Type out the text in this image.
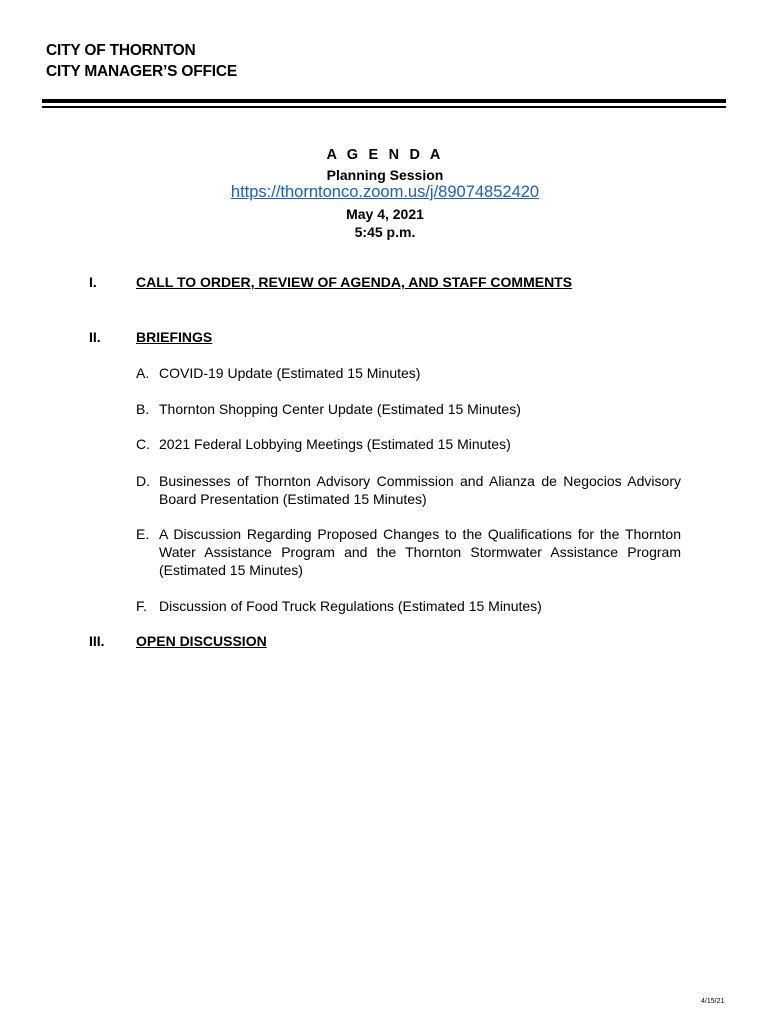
CITY OF THORNTON
CITY MANAGER’S OFFICE
A G E N D A
Planning Session
https://thorntonco.zoom.us/j/89074852420
May 4, 2021
5:45 p.m.
I.	CALL TO ORDER, REVIEW OF AGENDA, AND STAFF COMMENTS
II.	BRIEFINGS
A. COVID-19 Update (Estimated 15 Minutes)
B. Thornton Shopping Center Update (Estimated 15 Minutes)
C. 2021 Federal Lobbying Meetings (Estimated 15 Minutes)
D. Businesses of Thornton Advisory Commission and Alianza de Negocios Advisory Board Presentation (Estimated 15 Minutes)
E. A Discussion Regarding Proposed Changes to the Qualifications for the Thornton Water Assistance Program and the Thornton Stormwater Assistance Program (Estimated 15 Minutes)
F. Discussion of Food Truck Regulations (Estimated 15 Minutes)
III. OPEN DISCUSSION
4/15/21
